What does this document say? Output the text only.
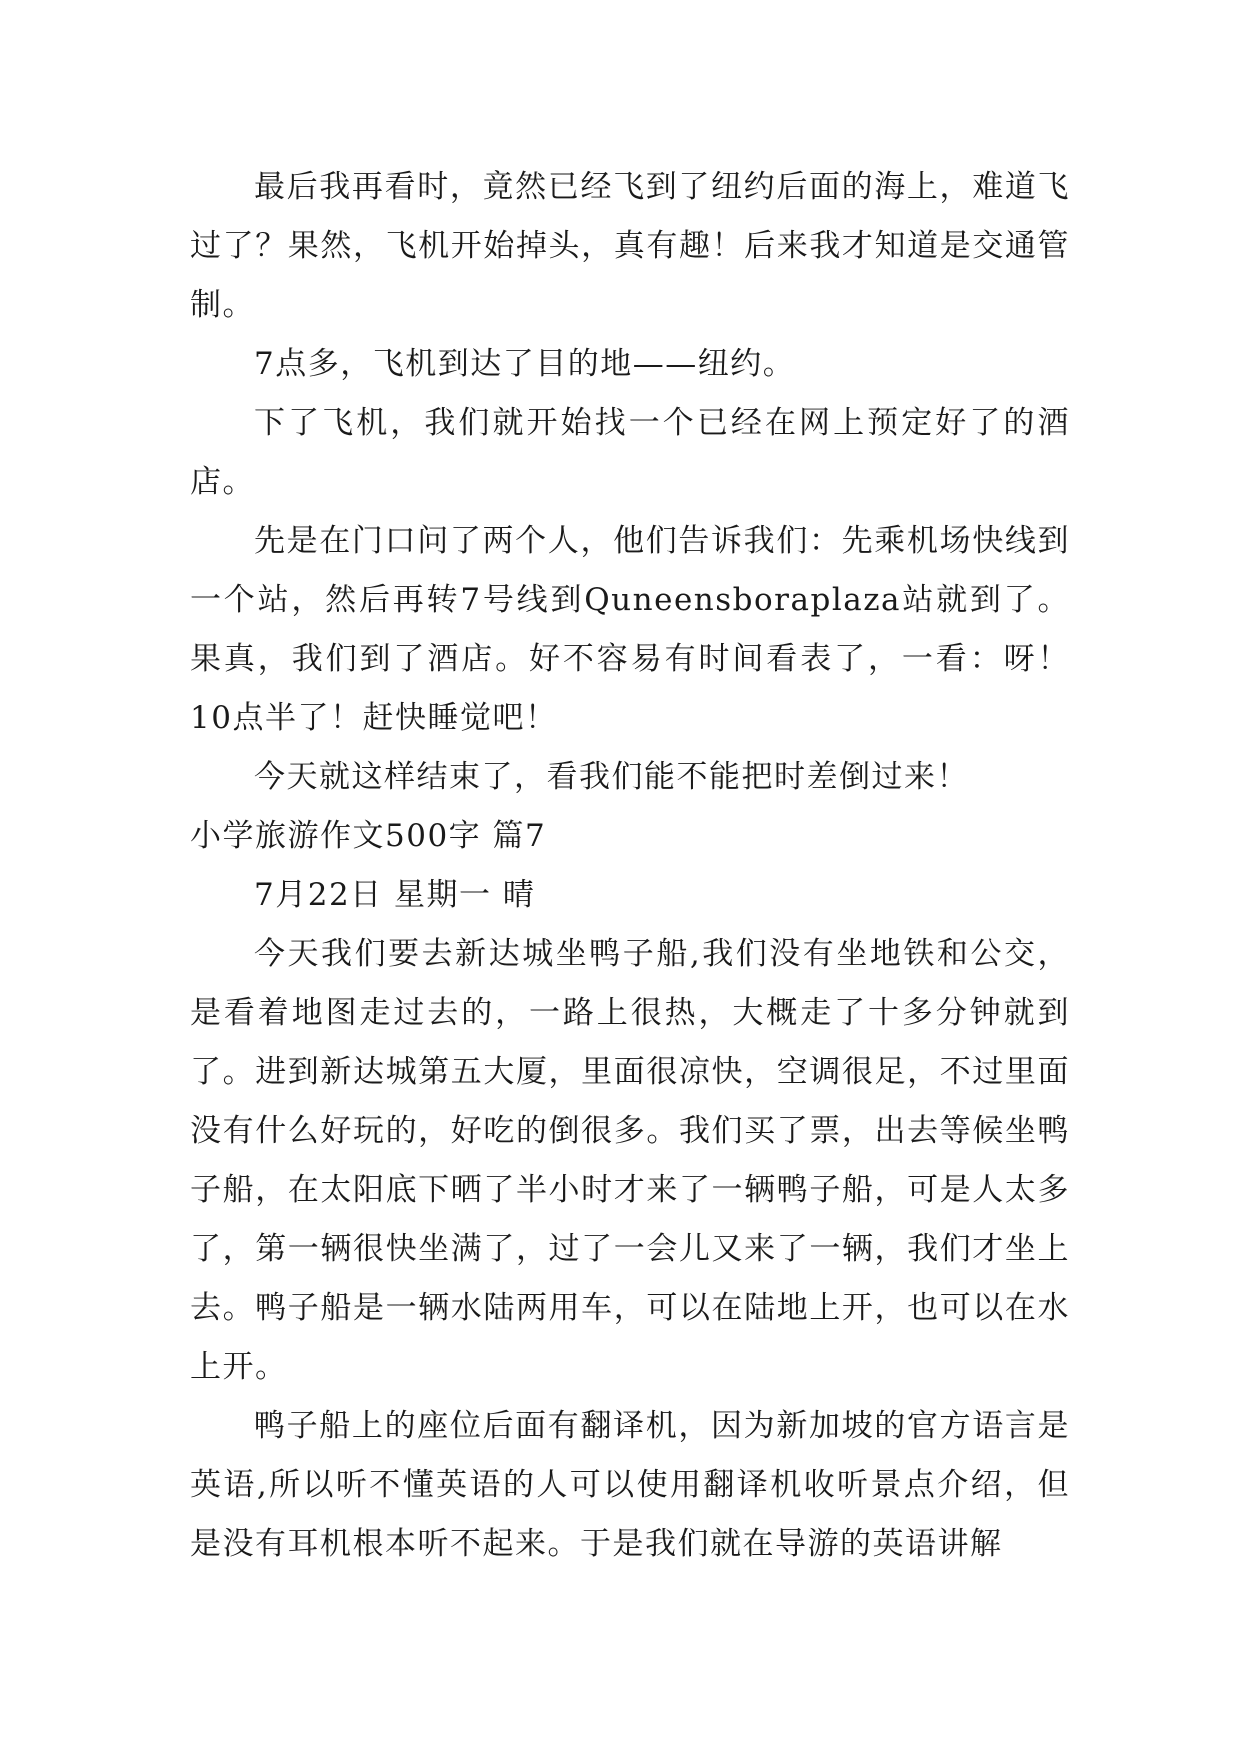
最后我再看时，竟然已经飞到了纽约后面的海上，难道飞过了？果然，飞机开始掉头，真有趣！后来我才知道是交通管制。

7点多，飞机到达了目的地——纽约。

下了飞机，我们就开始找一个已经在网上预定好了的酒店。

先是在门口问了两个人，他们告诉我们：先乘机场快线到一个站，然后再转7号线到Quneensboraplaza站就到了。果真，我们到了酒店。好不容易有时间看表了，一看：呀！10点半了！赶快睡觉吧！

今天就这样结束了，看我们能不能把时差倒过来！

小学旅游作文500字 篇7

7月22日 星期一 晴

今天我们要去新达城坐鸭子船,我们没有坐地铁和公交，是看着地图走过去的，一路上很热，大概走了十多分钟就到了。进到新达城第五大厦，里面很凉快，空调很足，不过里面没有什么好玩的，好吃的倒很多。我们买了票，出去等候坐鸭子船，在太阳底下晒了半小时才来了一辆鸭子船，可是人太多了，第一辆很快坐满了，过了一会儿又来了一辆，我们才坐上去。鸭子船是一辆水陆两用车，可以在陆地上开，也可以在水上开。

鸭子船上的座位后面有翻译机，因为新加坡的官方语言是英语,所以听不懂英语的人可以使用翻译机收听景点介绍，但是没有耳机根本听不起来。于是我们就在导游的英语讲解
